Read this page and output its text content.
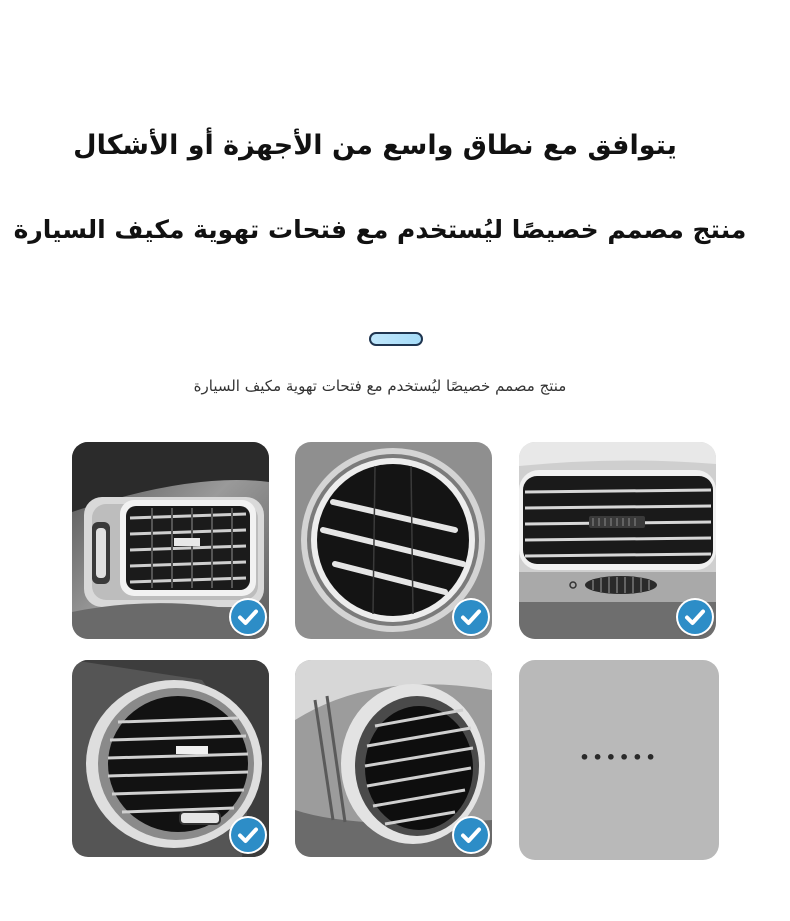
يتوافق مع نطاق واسع من الأجهزة أو الأشكال
منتج مصمم خصيصًا ليُستخدم مع فتحات تهوية مكيف السيارة

منتج مصمم خصيصًا ليُستخدم مع فتحات تهوية مكيف السيارة

••••••
